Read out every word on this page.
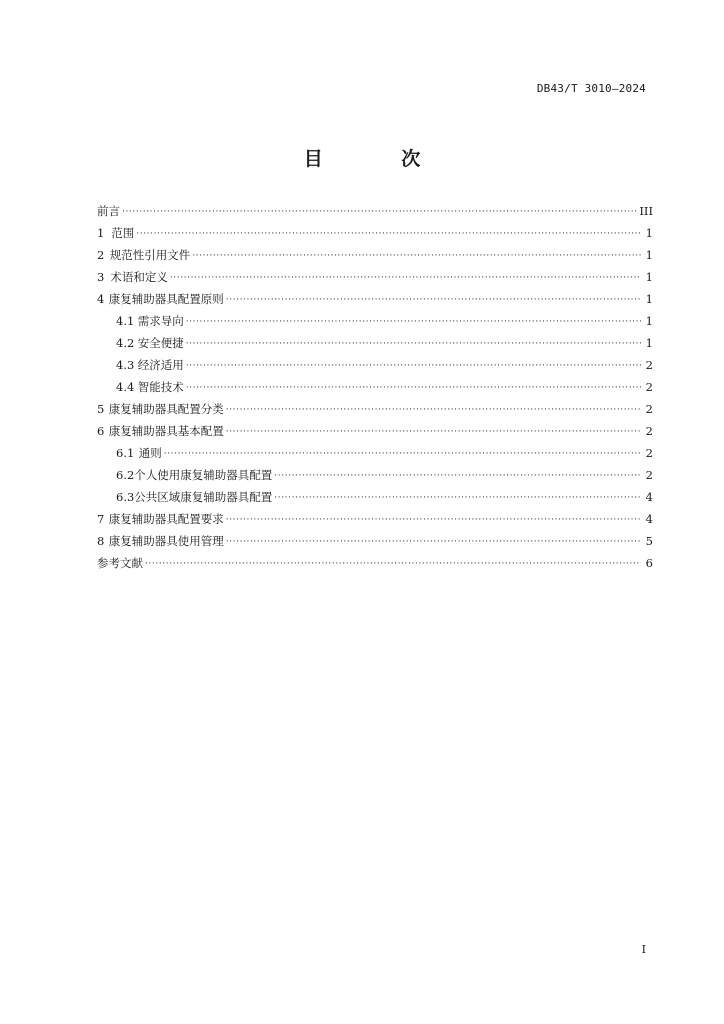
DB43/T 3010—2024
目 次
前言 ·····	III
1 范围 ·····	1
2 规范性引用文件 ·····	1
3 术语和定义 ·····	1
4 康复辅助器具配置原则 ·····	1
4.1 需求导向 ·····	1
4.2 安全便捷 ·····	1
4.3 经济适用 ·····	2
4.4 智能技术 ·····	2
5 康复辅助器具配置分类 ·····	2
6 康复辅助器具基本配置 ·····	2
6.1 通则 ·····	2
6.2 个人使用康复辅助器具配置 ·····	2
6.3 公共区域康复辅助器具配置 ·····	4
7 康复辅助器具配置要求 ·····	4
8 康复辅助器具使用管理 ·····	5
参考文献 ·····	6
I
